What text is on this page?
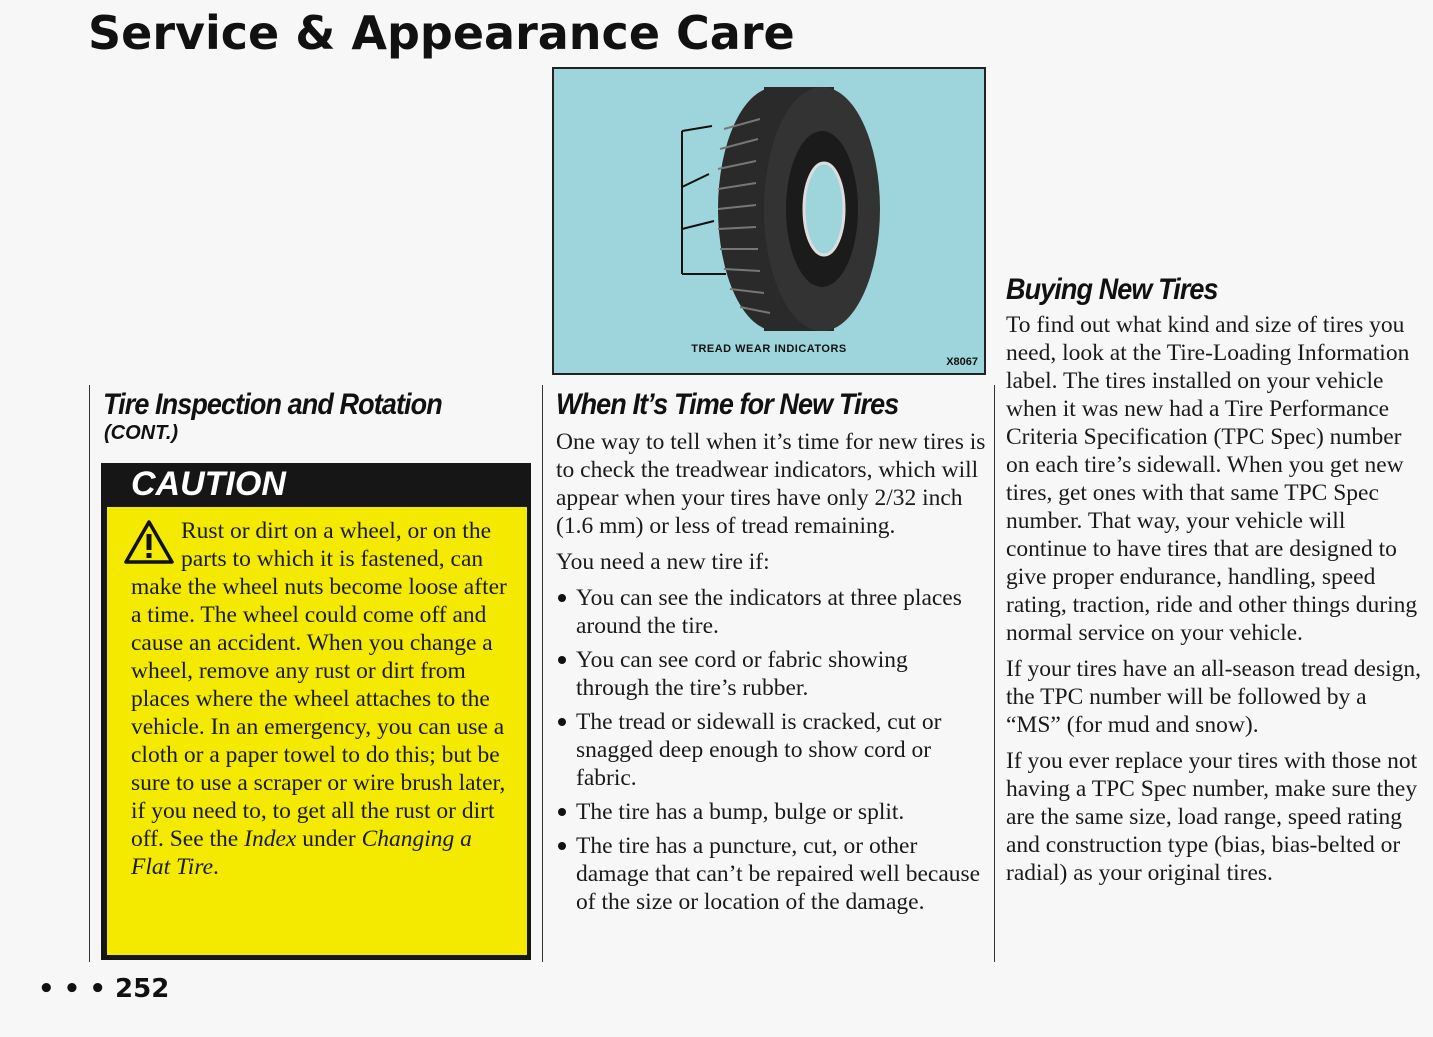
Service & Appearance Care
Tire Inspection and Rotation
(CONT.)
CAUTION
Rust or dirt on a wheel, or on the parts to which it is fastened, can make the wheel nuts become loose after a time. The wheel could come off and cause an accident. When you change a wheel, remove any rust or dirt from places where the wheel attaches to the vehicle. In an emergency, you can use a cloth or a paper towel to do this; but be sure to use a scraper or wire brush later, if you need to, to get all the rust or dirt off. See the Index under Changing a Flat Tire.
TREAD WEAR INDICATORS
X8067
When It’s Time for New Tires

One way to tell when it’s time for new tires is to check the treadwear indicators, which will appear when your tires have only 2/32 inch (1.6 mm) or less of tread remaining.

You need a new tire if:

You can see the indicators at three places around the tire.
You can see cord or fabric showing through the tire’s rubber.
The tread or sidewall is cracked, cut or snagged deep enough to show cord or fabric.
The tire has a bump, bulge or split.
The tire has a puncture, cut, or other damage that can’t be repaired well because of the size or location of the damage.
Buying New Tires

To find out what kind and size of tires you need, look at the Tire-Loading Information label. The tires installed on your vehicle when it was new had a Tire Performance Criteria Specification (TPC Spec) number on each tire’s sidewall. When you get new tires, get ones with that same TPC Spec number. That way, your vehicle will continue to have tires that are designed to give proper endurance, handling, speed rating, traction, ride and other things during normal service on your vehicle.

If your tires have an all-season tread design, the TPC number will be followed by a “MS” (for mud and snow).

If you ever replace your tires with those not having a TPC Spec number, make sure they are the same size, load range, speed rating and construction type (bias, bias-belted or radial) as your original tires.

• • • 252
